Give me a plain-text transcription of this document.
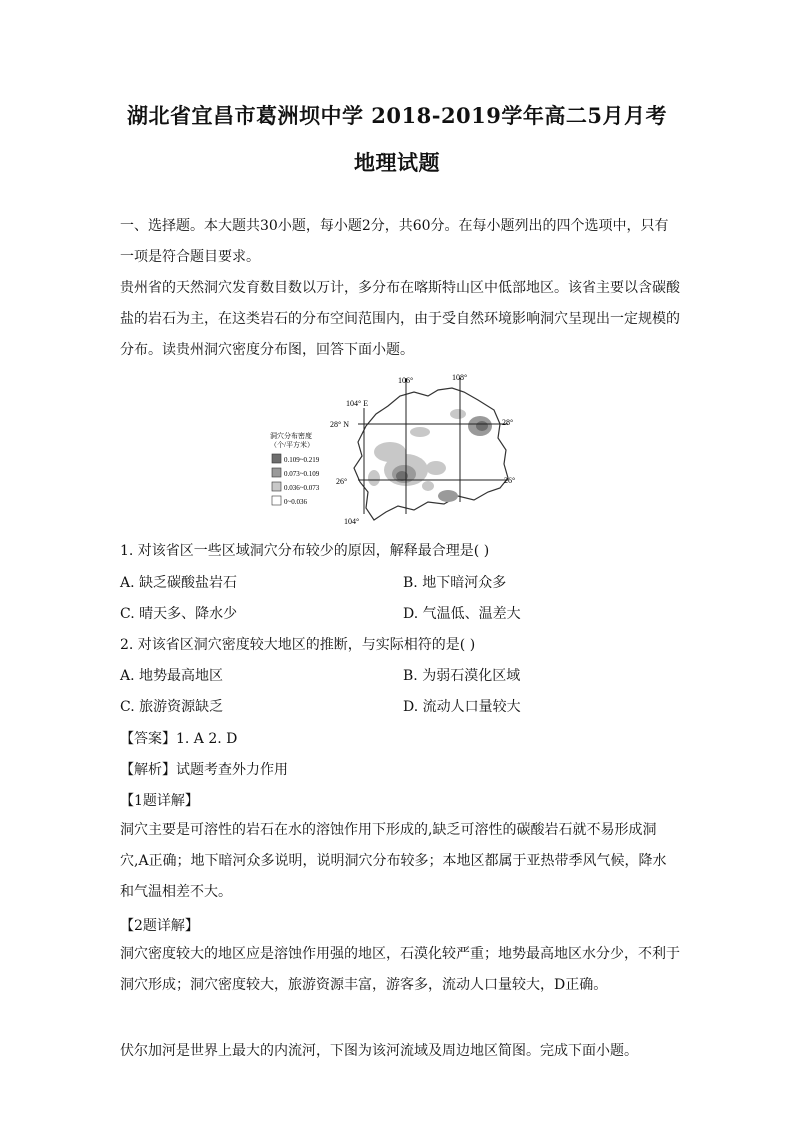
湖北省宜昌市葛洲坝中学 2018-2019学年高二5月月考
地理试题
一、选择题。本大题共30小题，每小题2分，共60分。在每小题列出的四个选项中，只有一项是符合题目要求。
贵州省的天然洞穴发育数目数以万计，多分布在喀斯特山区中低部地区。该省主要以含碳酸盐的岩石为主，在这类岩石的分布空间范围内，由于受自然环境影响洞穴呈现出一定规模的分布。读贵州洞穴密度分布图，回答下面小题。
106°	108°
104° E
104°
28° N	28°
26°	26°
洞穴分布密度
（个/平方米）
0.109~0.219
0.073~0.109
0.036~0.073
0~0.036
1. 对该省区一些区域洞穴分布较少的原因，解释最合理是( )
A. 缺乏碳酸盐岩石	B. 地下暗河众多
C. 晴天多、降水少	D. 气温低、温差大
2. 对该省区洞穴密度较大地区的推断，与实际相符的是( )
A. 地势最高地区	B. 为弱石漠化区域
C. 旅游资源缺乏	D. 流动人口量较大
【答案】1. A 2. D
【解析】试题考查外力作用
【1题详解】
洞穴主要是可溶性的岩石在水的溶蚀作用下形成的,缺乏可溶性的碳酸岩石就不易形成洞穴,A正确；地下暗河众多说明，说明洞穴分布较多；本地区都属于亚热带季风气候，降水和气温相差不大。
【2题详解】
洞穴密度较大的地区应是溶蚀作用强的地区，石漠化较严重；地势最高地区水分少，不利于洞穴形成；洞穴密度较大，旅游资源丰富，游客多，流动人口量较大，D正确。
伏尔加河是世界上最大的内流河，下图为该河流域及周边地区简图。完成下面小题。
